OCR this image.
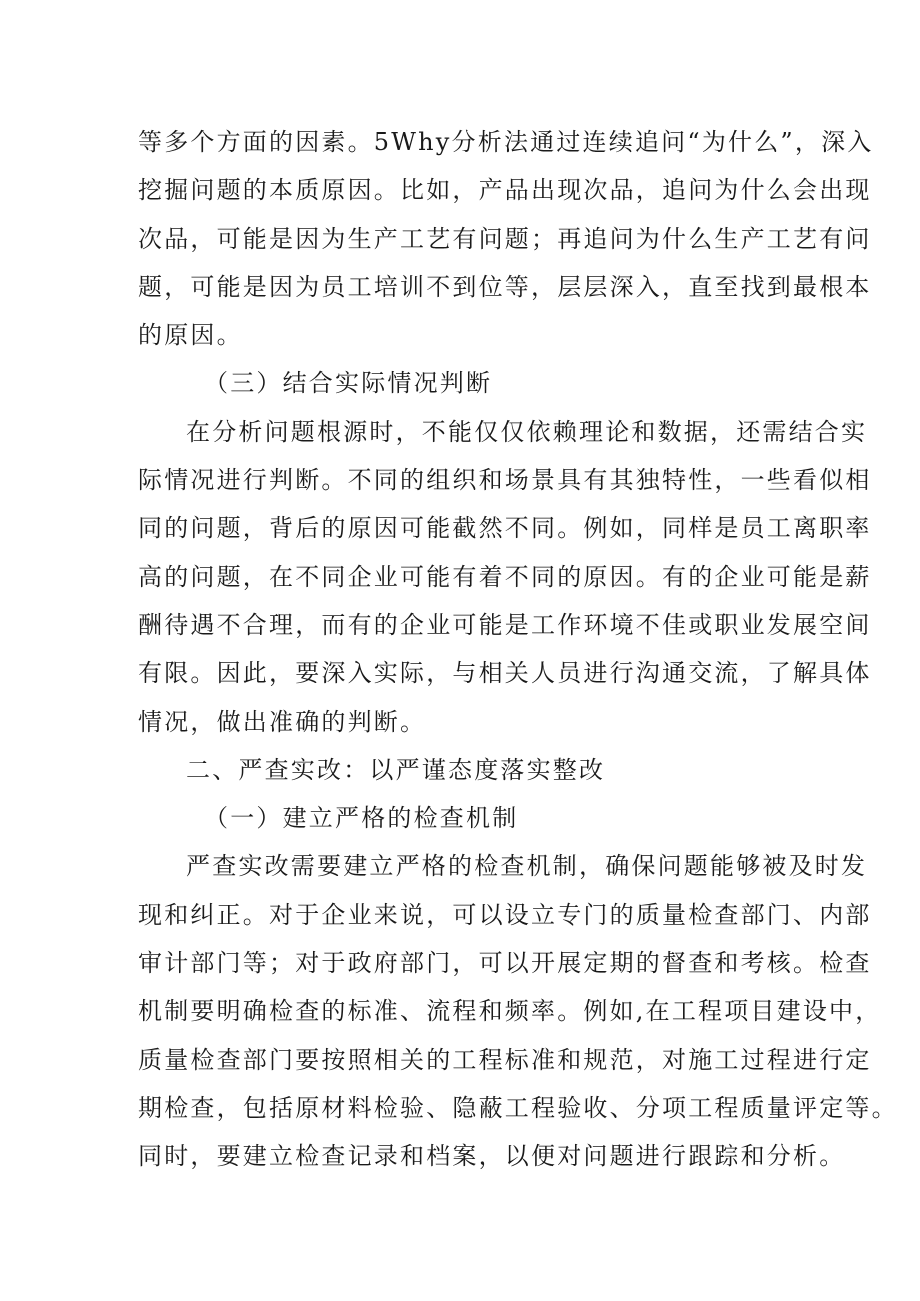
等多个方面的因素。5Why分析法通过连续追问“为什么”，深入
挖掘问题的本质原因。比如，产品出现次品，追问为什么会出现
次品，可能是因为生产工艺有问题；再追问为什么生产工艺有问
题，可能是因为员工培训不到位等，层层深入，直至找到最根本
的原因。
（三）结合实际情况判断
在分析问题根源时，不能仅仅依赖理论和数据，还需结合实
际情况进行判断。不同的组织和场景具有其独特性，一些看似相
同的问题，背后的原因可能截然不同。例如，同样是员工离职率
高的问题，在不同企业可能有着不同的原因。有的企业可能是薪
酬待遇不合理，而有的企业可能是工作环境不佳或职业发展空间
有限。因此，要深入实际，与相关人员进行沟通交流，了解具体
情况，做出准确的判断。
二、严查实改：以严谨态度落实整改
（一）建立严格的检查机制
严查实改需要建立严格的检查机制，确保问题能够被及时发
现和纠正。对于企业来说，可以设立专门的质量检查部门、内部
审计部门等；对于政府部门，可以开展定期的督查和考核。检查
机制要明确检查的标准、流程和频率。例如,在工程项目建设中，
质量检查部门要按照相关的工程标准和规范，对施工过程进行定
期检查，包括原材料检验、隐蔽工程验收、分项工程质量评定等。
同时，要建立检查记录和档案，以便对问题进行跟踪和分析。
